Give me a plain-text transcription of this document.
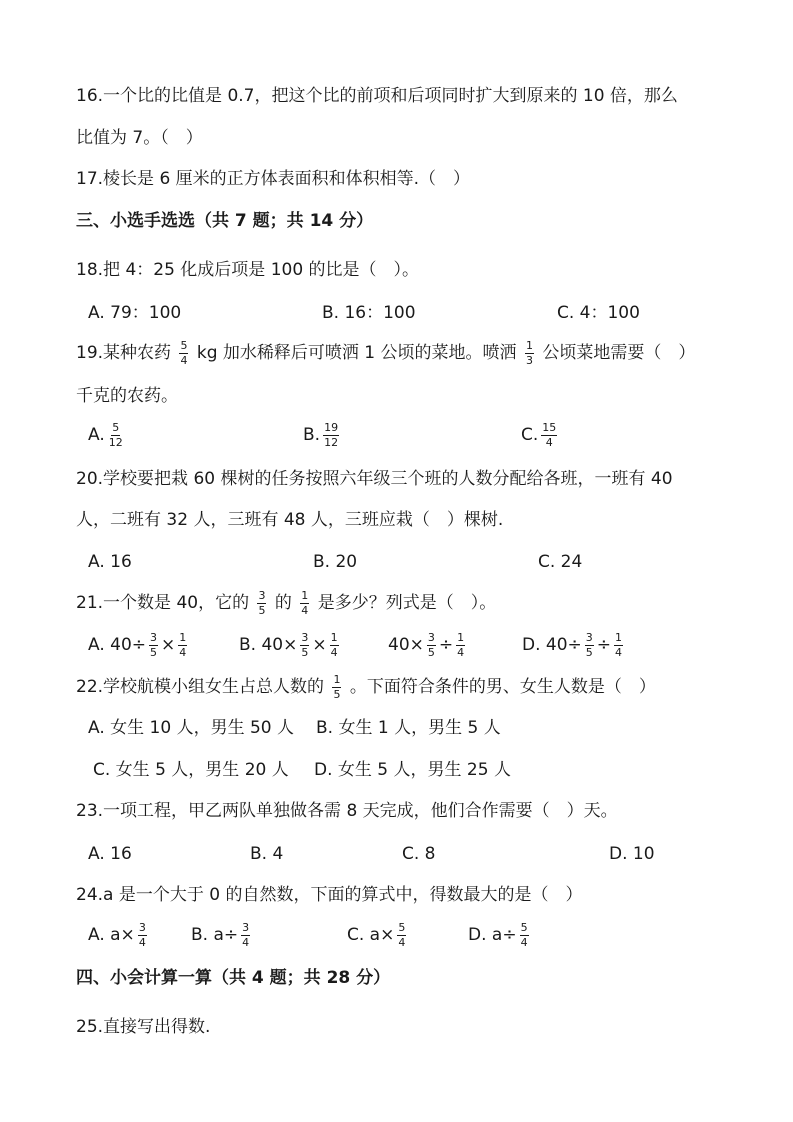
16.一个比的比值是 0.7，把这个比的前项和后项同时扩大到原来的 10 倍，那么
比值为 7。（　）
17.棱长是 6 厘米的正方体表面积和体积相等.（　）
三、小选手选选（共 7 题；共 14 分）
18.把 4：25 化成后项是 100 的比是（　）。
A. 79：100	B. 16：100	C. 4：100
19.某种农药 $\frac{5}{4}$ kg 加水稀释后可喷洒 1 公顷的菜地。喷洒 $\frac{1}{3}$ 公顷菜地需要（　）
千克的农药。
A. $\frac{5}{12}$	B. $\frac{19}{12}$	C. $\frac{15}{4}$
20.学校要把栽 60 棵树的任务按照六年级三个班的人数分配给各班，一班有 40
人，二班有 32 人，三班有 48 人，三班应栽（　）棵树.
A. 16	B. 20	C. 24
21.一个数是 40，它的 $\frac{3}{5}$ 的 $\frac{1}{4}$ 是多少？列式是（　）。
A. $40\div \frac{3}{5} \times \frac{1}{4}$	B. $40\times \frac{3}{5} \times \frac{1}{4}$	$40\times \frac{3}{5} \div \frac{1}{4}$	D. $40\div \frac{3}{5} \div \frac{1}{4}$
22.学校航模小组女生占总人数的 $\frac{1}{5}$ 。下面符合条件的男、女生人数是（　）
A. 女生 10 人，男生 50 人 B. 女生 1 人，男生 5 人
C. 女生 5 人，男生 20 人 D. 女生 5 人，男生 25 人
23.一项工程，甲乙两队单独做各需 8 天完成，他们合作需要（　）天。
A. 16	B. 4	C. 8	D. 10
24.a 是一个大于 0 的自然数，下面的算式中，得数最大的是（　）
A. $a\times \frac{3}{4}$	B. $a\div \frac{3}{4}$	C. $a\times \frac{5}{4}$	D. $a\div \frac{5}{4}$
四、小会计算一算（共 4 题；共 28 分）
25.直接写出得数.
